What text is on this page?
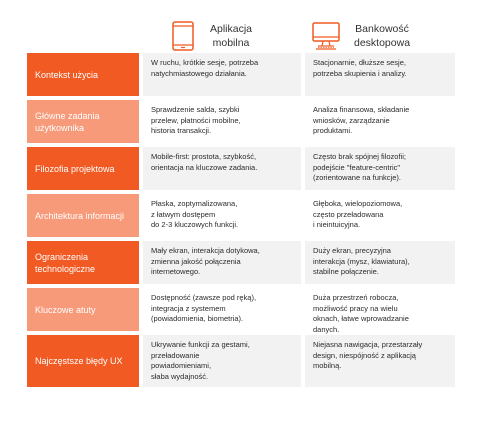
Aplikacja
mobilna
Bankowość
desktopowa
Kontekst użycia
W ruchu, krótkie sesje, potrzeba
natychmiastowego działania.
Stacjonarnie, dłuższe sesje,
potrzeba skupienia i analizy.
Główne zadania
użytkownika
Sprawdzenie salda, szybki
przelew, płatności mobilne,
historia transakcji.
Analiza finansowa, składanie
wniosków, zarządzanie
produktami.
Filozofia projektowa
Mobile-first: prostota, szybkość,
orientacja na kluczowe zadania.
Często brak spójnej filozofii;
podejście "feature-centric"
(zorientowane na funkcje).
Architektura informacji
Płaska, zoptymalizowana,
z łatwym dostępem
do 2-3 kluczowych funkcji.
Głęboka, wielopoziomowa,
często przeładowana
i nieintuicyjna.
Ograniczenia
technologiczne
Mały ekran, interakcja dotykowa,
zmienna jakość połączenia
internetowego.
Duży ekran, precyzyjna
interakcja (mysz, klawiatura),
stabilne połączenie.
Kluczowe atuty
Dostępność (zawsze pod ręką),
integracja z systemem
(powiadomienia, biometria).
Duża przestrzeń robocza,
możliwość pracy na wielu
oknach, łatwe wprowadzanie
danych.
Najczęstsze błędy UX
Ukrywanie funkcji za gestami,
przeładowanie
powiadomieniami,
słaba wydajność.
Niejasna nawigacja, przestarzały
design, niespójność z aplikacją
mobilną.
